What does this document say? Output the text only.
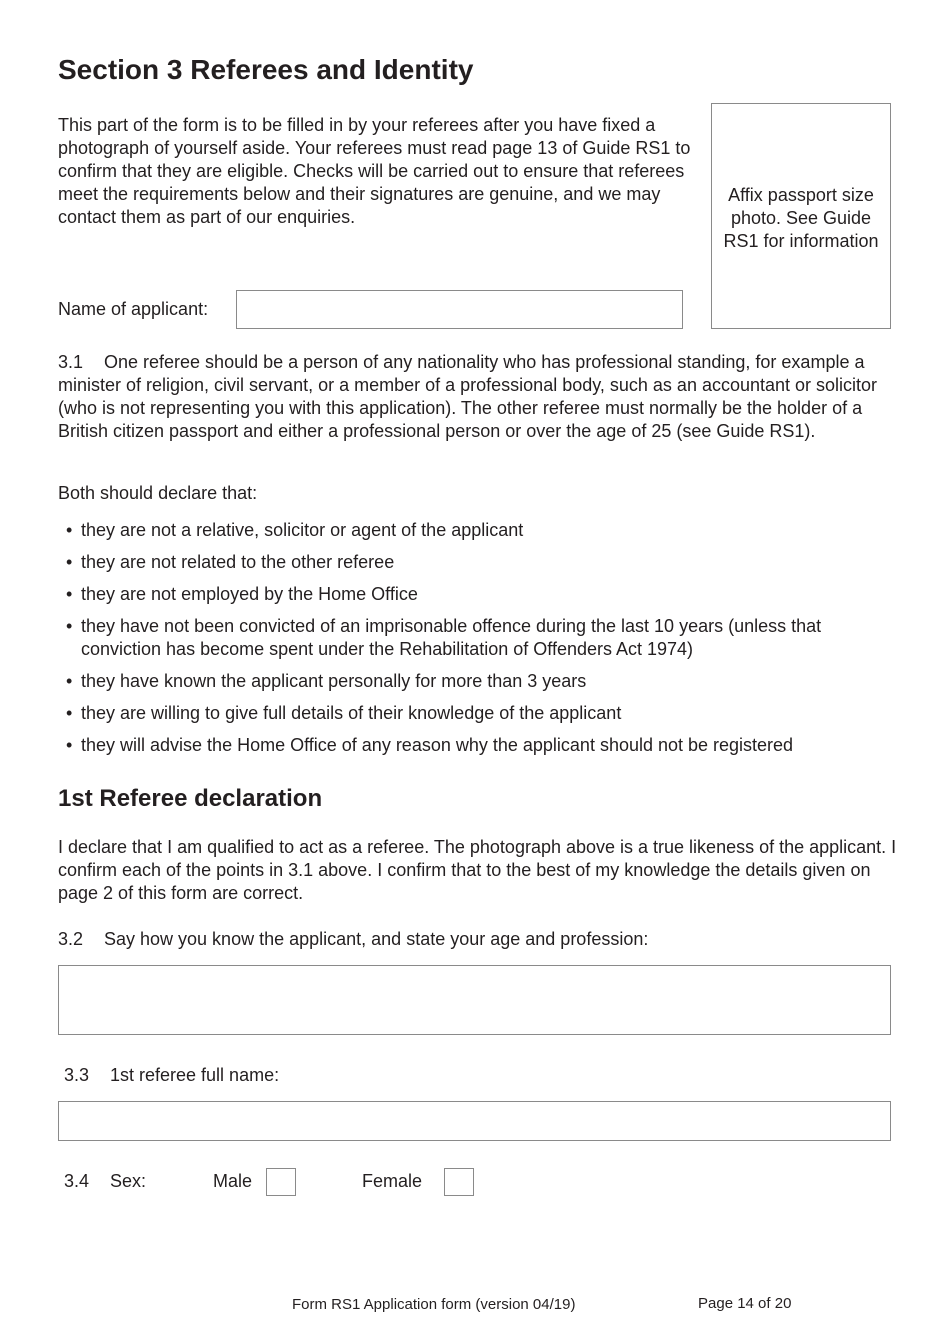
Section 3 Referees and Identity

This part of the form is to be filled in by your referees after you have fixed a photograph of yourself aside. Your referees must read page 13 of Guide RS1 to confirm that they are eligible. Checks will be carried out to ensure that referees meet the requirements below and their signatures are genuine, and we may contact them as part of our enquiries.

Affix passport size photo. See Guide RS1 for information
Name of applicant:
3.1 One referee should be a person of any nationality who has professional standing, for example a minister of religion, civil servant, or a member of a professional body, such as an accountant or solicitor (who is not representing you with this application). The other referee must normally be the holder of a British citizen passport and either a professional person or over the age of 25 (see Guide RS1).
Both should declare that:
• they are not a relative, solicitor or agent of the applicant
• they are not related to the other referee
• they are not employed by the Home Office
• they have not been convicted of an imprisonable offence during the last 10 years (unless that conviction has become spent under the Rehabilitation of Offenders Act 1974)
• they have known the applicant personally for more than 3 years
• they are willing to give full details of their knowledge of the applicant
• they will advise the Home Office of any reason why the applicant should not be registered
1st Referee declaration

I declare that I am qualified to act as a referee. The photograph above is a true likeness of the applicant. I confirm each of the points in 3.1 above. I confirm that to the best of my knowledge the details given on page 2 of this form are correct.

3.2 Say how you know the applicant, and state your age and profession:
3.3 1st referee full name:
3.4 Sex:	Male	Female
Form RS1 Application form (version 04/19)	Page 14 of 20
